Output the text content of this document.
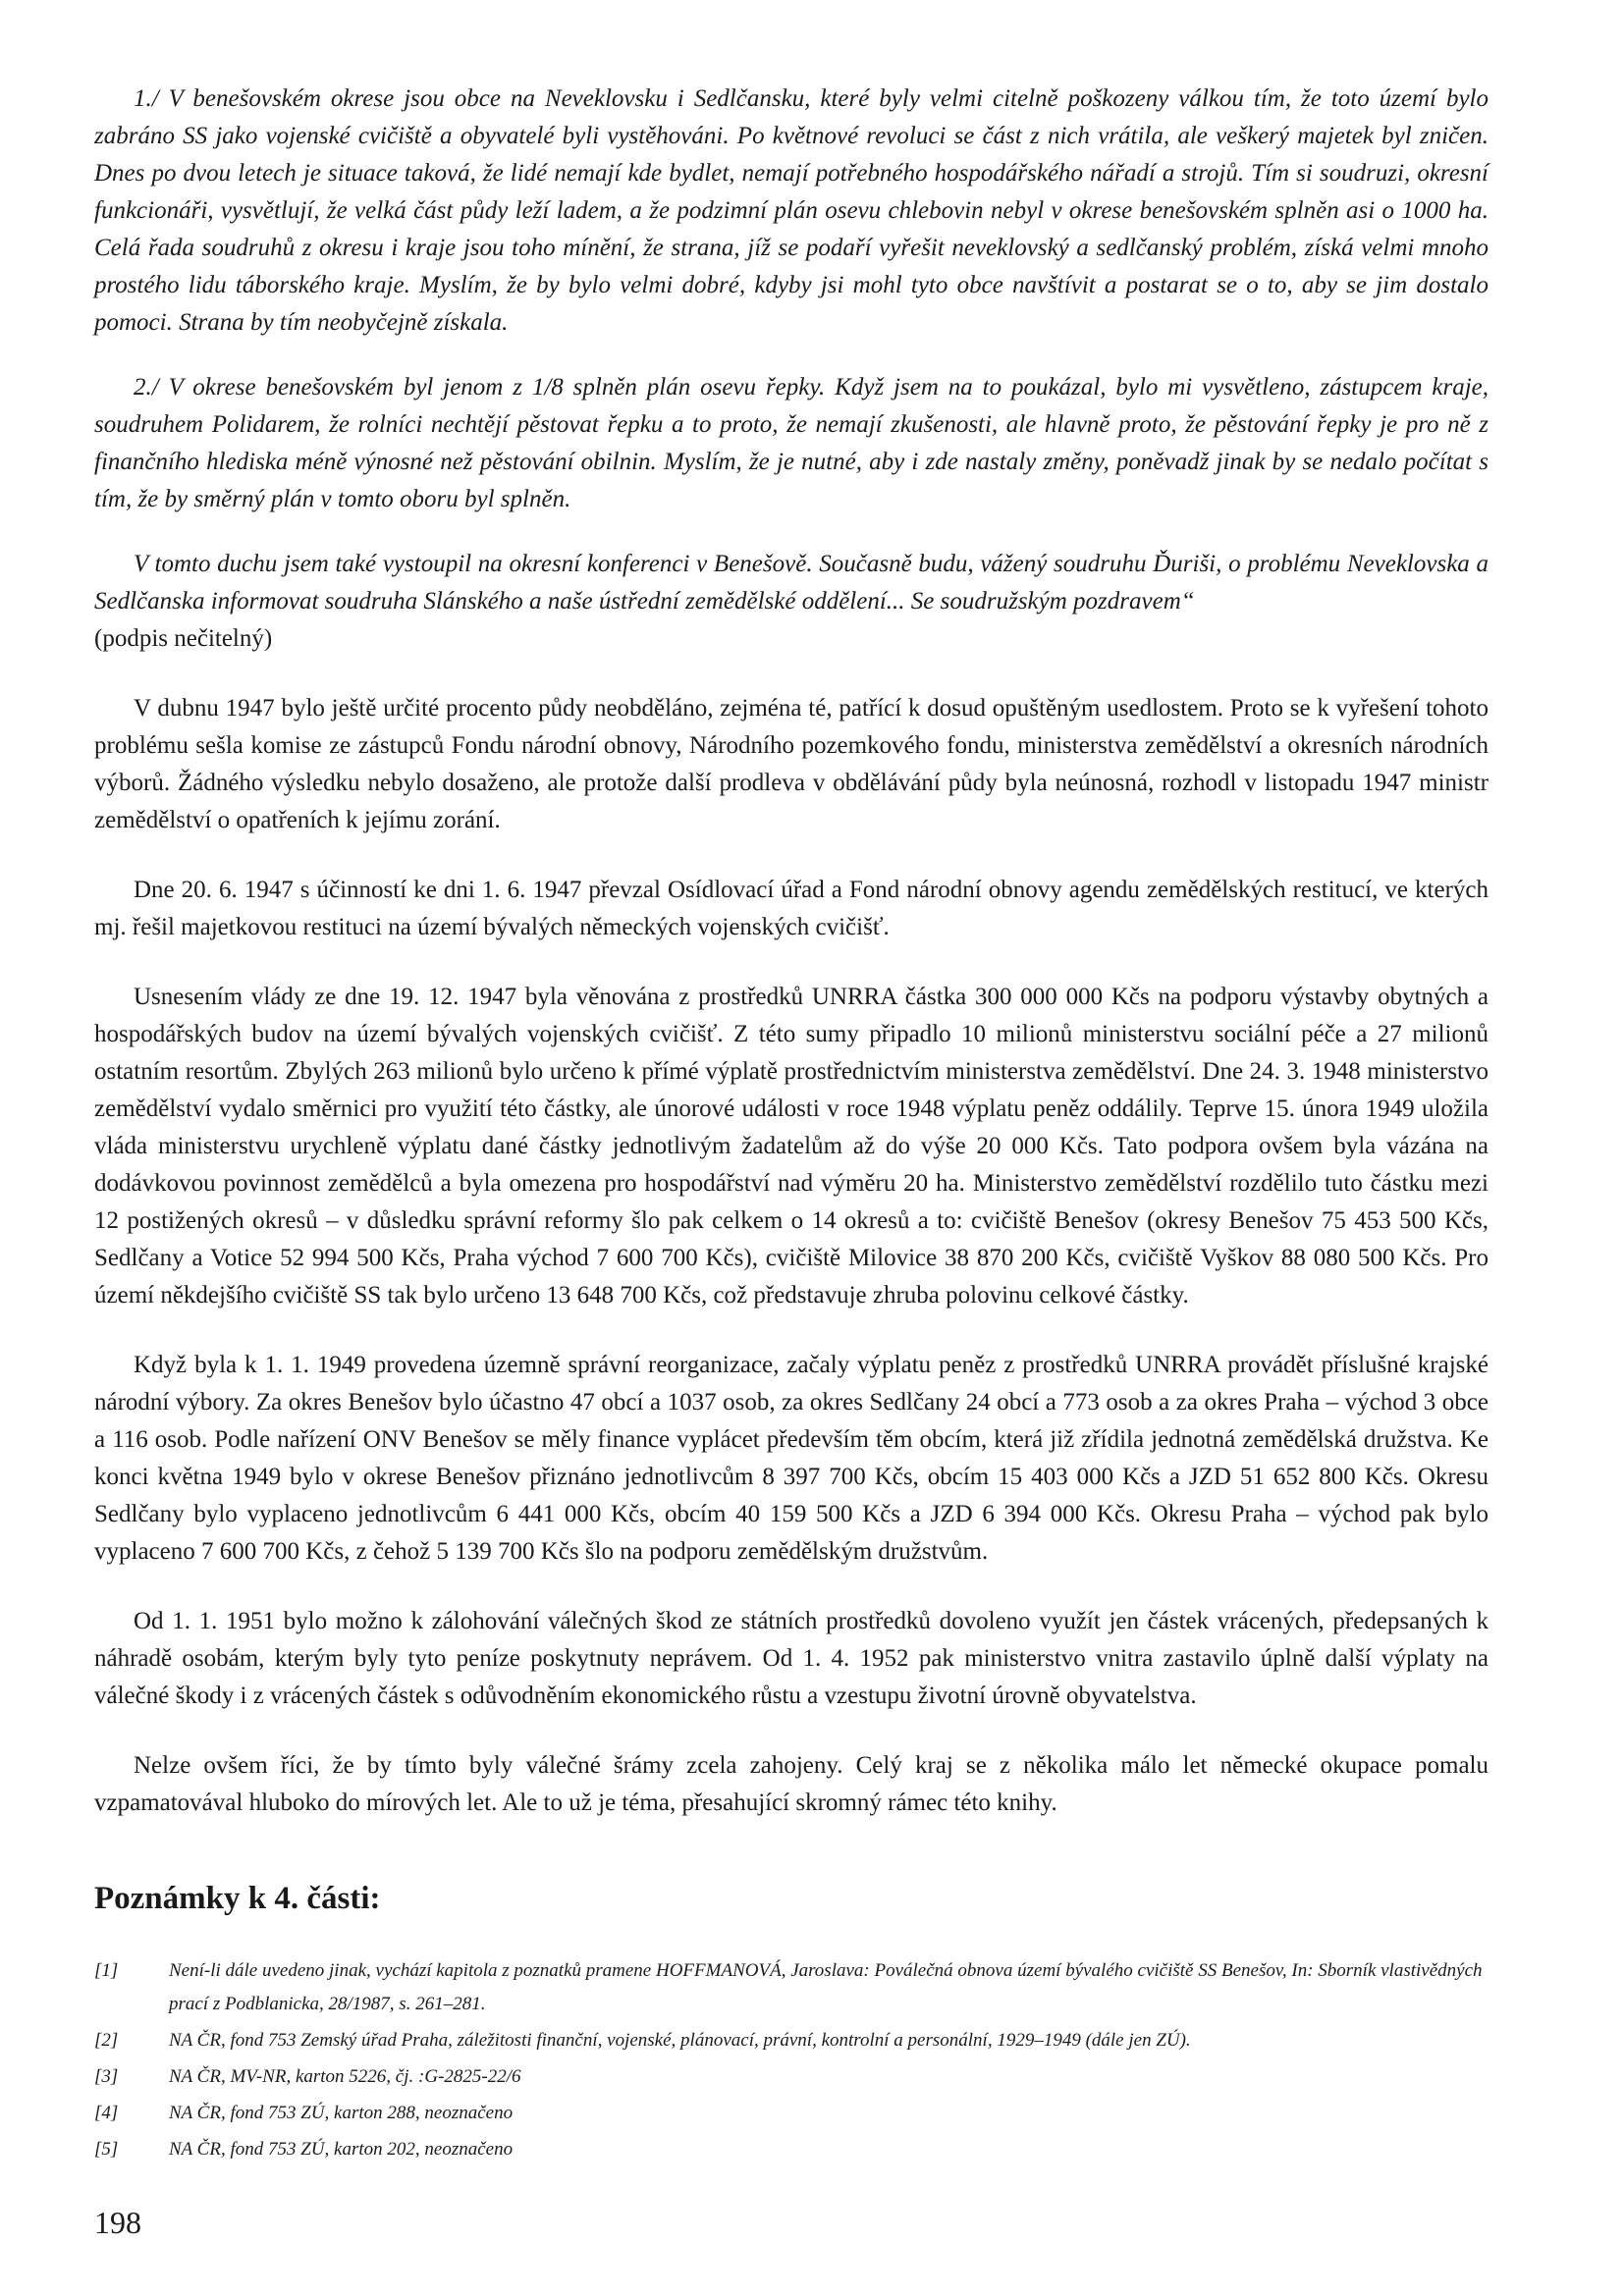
1./ V benešovském okrese jsou obce na Neveklovsku i Sedlčansku, které byly velmi citelně poškozeny válkou tím, že toto území bylo zabráno SS jako vojenské cvičiště a obyvatelé byli vystěhováni. Po květnové revoluci se část z nich vrátila, ale veškerý majetek byl zničen. Dnes po dvou letech je situace taková, že lidé nemají kde bydlet, nemají potřebného hospodářského nářadí a strojů. Tím si soudruzi, okresní funkcionáři, vysvětlují, že velká část půdy leží ladem, a že podzimní plán osevu chlebovin nebyl v okrese benešovském splněn asi o 1000 ha. Celá řada soudruhů z okresu i kraje jsou toho mínění, že strana, jíž se podaří vyřešit neveklovský a sedlčanský problém, získá velmi mnoho prostého lidu táborského kraje. Myslím, že by bylo velmi dobré, kdyby jsi mohl tyto obce navštívit a postarat se o to, aby se jim dostalo pomoci. Strana by tím neobyčejně získala.

2./ V okrese benešovském byl jenom z 1/8 splněn plán osevu řepky. Když jsem na to poukázal, bylo mi vysvětleno, zástupcem kraje, soudruhem Polidarem, že rolníci nechtějí pěstovat řepku a to proto, že nemají zkušenosti, ale hlavně proto, že pěstování řepky je pro ně z finančního hlediska méně výnosné než pěstování obilnin. Myslím, že je nutné, aby i zde nastaly změny, poněvadž jinak by se nedalo počítat s tím, že by směrný plán v tomto oboru byl splněn.

V tomto duchu jsem také vystoupil na okresní konferenci v Benešově. Současně budu, vážený soudruhu Ďuriši, o problému Neveklovska a Sedlčanska informovat soudruha Slánského a naše ústřední zemědělské oddělení... Se soudružským pozdravem“

(podpis nečitelný)

V dubnu 1947 bylo ještě určité procento půdy neobděláno, zejména té, patřící k dosud opuštěným usedlostem. Proto se k vyřešení tohoto problému sešla komise ze zástupců Fondu národní obnovy, Národního pozemkového fondu, ministerstva zemědělství a okresních národních výborů. Žádného výsledku nebylo dosaženo, ale protože další prodleva v obdělávání půdy byla neúnosná, rozhodl v listopadu 1947 ministr zemědělství o opatřeních k jejímu zorání.

Dne 20. 6. 1947 s účinností ke dni 1. 6. 1947 převzal Osídlovací úřad a Fond národní obnovy agendu zemědělských restitucí, ve kterých mj. řešil majetkovou restituci na území bývalých německých vojenských cvičišť.

Usnesením vlády ze dne 19. 12. 1947 byla věnována z prostředků UNRRA částka 300 000 000 Kčs na podporu výstavby obytných a hospodářských budov na území bývalých vojenských cvičišť. Z této sumy připadlo 10 milionů ministerstvu sociální péče a 27 milionů ostatním resortům. Zbylých 263 milionů bylo určeno k přímé výplatě prostřednictvím ministerstva zemědělství. Dne 24. 3. 1948 ministerstvo zemědělství vydalo směrnici pro využití této částky, ale únorové události v roce 1948 výplatu peněz oddálily. Teprve 15. února 1949 uložila vláda ministerstvu urychleně výplatu dané částky jednotlivým žadatelům až do výše 20 000 Kčs. Tato podpora ovšem byla vázána na dodávkovou povinnost zemědělců a byla omezena pro hospodářství nad výměru 20 ha. Ministerstvo zemědělství rozdělilo tuto částku mezi 12 postižených okresů – v důsledku správní reformy šlo pak celkem o 14 okresů a to: cvičiště Benešov (okresy Benešov 75 453 500 Kčs, Sedlčany a Votice 52 994 500 Kčs, Praha východ 7 600 700 Kčs), cvičiště Milovice 38 870 200 Kčs, cvičiště Vyškov 88 080 500 Kčs. Pro území někdejšího cvičiště SS tak bylo určeno 13 648 700 Kčs, což představuje zhruba polovinu celkové částky.

Když byla k 1. 1. 1949 provedena územně správní reorganizace, začaly výplatu peněz z prostředků UNRRA provádět příslušné krajské národní výbory. Za okres Benešov bylo účastno 47 obcí a 1037 osob, za okres Sedlčany 24 obcí a 773 osob a za okres Praha – východ 3 obce a 116 osob. Podle nařízení ONV Benešov se měly finance vyplácet především těm obcím, která již zřídila jednotná zemědělská družstva. Ke konci května 1949 bylo v okrese Benešov přiznáno jednotlivcům 8 397 700 Kčs, obcím 15 403 000 Kčs a JZD 51 652 800 Kčs. Okresu Sedlčany bylo vyplaceno jednotlivcům 6 441 000 Kčs, obcím 40 159 500 Kčs a JZD 6 394 000 Kčs. Okresu Praha – východ pak bylo vyplaceno 7 600 700 Kčs, z čehož 5 139 700 Kčs šlo na podporu zemědělským družstvům.

Od 1. 1. 1951 bylo možno k zálohování válečných škod ze státních prostředků dovoleno využít jen částek vrácených, předepsaných k náhradě osobám, kterým byly tyto peníze poskytnuty neprávem. Od 1. 4. 1952 pak ministerstvo vnitra zastavilo úplně další výplaty na válečné škody i z vrácených částek s odůvodněním ekonomického růstu a vzestupu životní úrovně obyvatelstva.

Nelze ovšem říci, že by tímto byly válečné šrámy zcela zahojeny. Celý kraj se z několika málo let německé okupace pomalu vzpamatovával hluboko do mírových let. Ale to už je téma, přesahující skromný rámec této knihy.

Poznámky k 4. části:
[1]	Není-li dále uvedeno jinak, vychází kapitola z poznatků pramene HOFFMANOVÁ, Jaroslava: Poválečná obnova území bývalého cvičiště SS Benešov, In: Sborník vlastivědných prací z Podblanicka, 28/1987, s. 261–281.
[2]	NA ČR, fond 753 Zemský úřad Praha, záležitosti finanční, vojenské, plánovací, právní, kontrolní a personální, 1929–1949 (dále jen ZÚ).
[3]	NA ČR, MV-NR, karton 5226, čj. :G-2825-22/6
[4]	NA ČR, fond 753 ZÚ, karton 288, neoznačeno
[5]	NA ČR, fond 753 ZÚ, karton 202, neoznačeno
198
